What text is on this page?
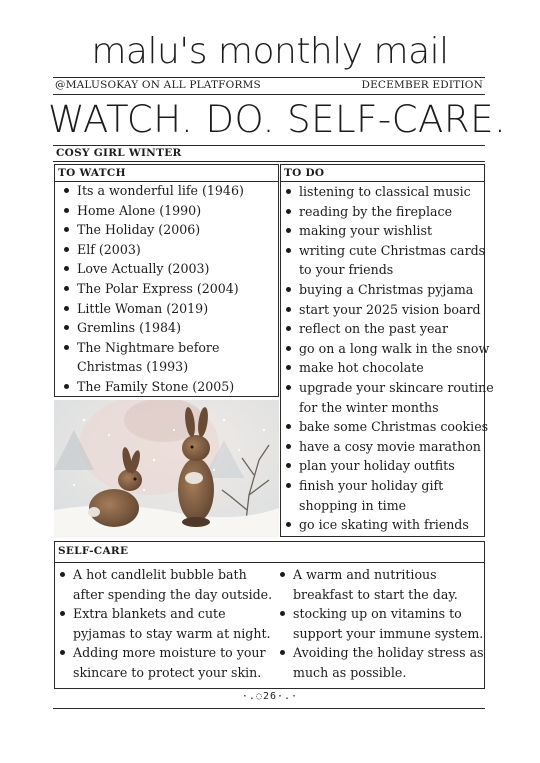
malu's monthly mail
@MALUSOKAY ON ALL PLATFORMS	DECEMBER EDITION
WATCH. DO. SELF-CARE.
COSY GIRL WINTER
TO WATCH
Its a wonderful life (1946)
Home Alone (1990)
The Holiday (2006)
Elf (2003)
Love Actually (2003)
The Polar Express (2004)
Little Woman (2019)
Gremlins (1984)
The Nightmare before
Christmas (1993)
The Family Stone (2005)
TO DO
listening to classical music
reading by the fireplace
making your wishlist
writing cute Christmas cards
to your friends
buying a Christmas pyjama
start your 2025 vision board
reflect on the past year
go on a long walk in the snow
make hot chocolate
upgrade your skincare routine
for the winter months
bake some Christmas cookies
have a cosy movie marathon
plan your holiday outfits
finish your holiday gift
shopping in time
go ice skating with friends
SELF-CARE
A hot candlelit bubble bath
after spending the day outside.
Extra blankets and cute
pyjamas to stay warm at night.
Adding more moisture to your
skincare to protect your skin.
A warm and nutritious
breakfast to start the day.
stocking up on vitamins to
support your immune system.
Avoiding the holiday stress as
much as possible.
·.◌26·.·
